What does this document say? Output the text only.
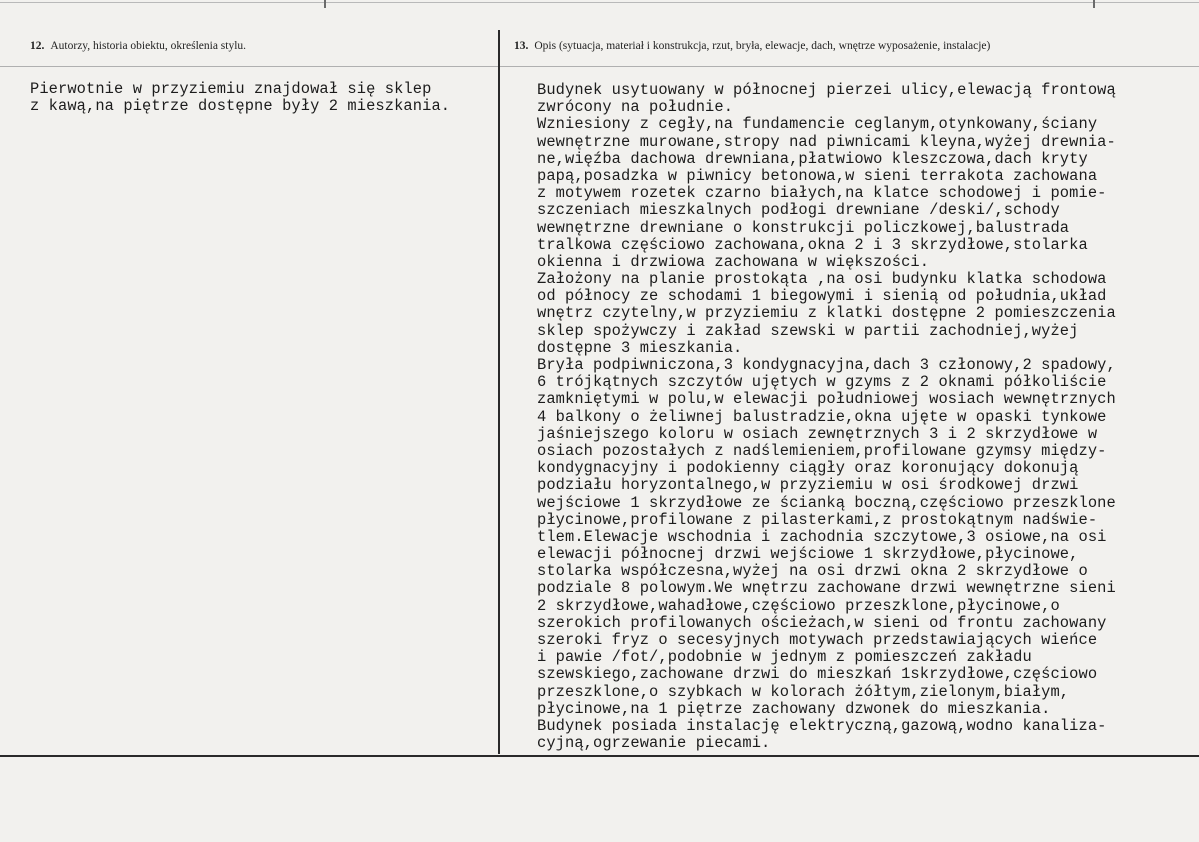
12. Autorzy, historia obiektu, określenia stylu.	13. Opis (sytuacja, materiał i konstrukcja, rzut, bryła, elewacje, dach, wnętrze wyposażenie, instalacje)
Pierwotnie w przyziemiu znajdował się sklep
z kawą,na piętrze dostępne były 2 mieszkania.
Budynek usytuowany w północnej pierzei ulicy,elewacją frontową
zwrócony na południe.
Wzniesiony z cegły,na fundamencie ceglanym,otynkowany,ściany
wewnętrzne murowane,stropy nad piwnicami kleyna,wyżej drewnia-
ne,więźba dachowa drewniana,płatwiowo kleszczowa,dach kryty
papą,posadzka w piwnicy betonowa,w sieni terrakota zachowana
z motywem rozetek czarno białych,na klatce schodowej i pomie-
szczeniach mieszkalnych podłogi drewniane /deski/,schody
wewnętrzne drewniane o konstrukcji policzkowej,balustrada
tralkowa częściowo zachowana,okna 2 i 3 skrzydłowe,stolarka
okienna i drzwiowa zachowana w większości.
Założony na planie prostokąta ,na osi budynku klatka schodowa
od północy ze schodami 1 biegowymi i sienią od południa,układ
wnętrz czytelny,w przyziemiu z klatki dostępne 2 pomieszczenia
sklep spożywczy i zakład szewski w partii zachodniej,wyżej
dostępne 3 mieszkania.
Bryła podpiwniczona,3 kondygnacyjna,dach 3 członowy,2 spadowy,
6 trójkątnych szczytów ujętych w gzyms z 2 oknami półkoliście
zamkniętymi w polu,w elewacji południowej wosiach wewnętrznych
4 balkony o żeliwnej balustradzie,okna ujęte w opaski tynkowe
jaśniejszego koloru w osiach zewnętrznych 3 i 2 skrzydłowe w
osiach pozostałych z nadślemieniem,profilowane gzymsy między-
kondygnacyjny i podokienny ciągły oraz koronujący dokonują
podziału horyzontalnego,w przyziemiu w osi środkowej drzwi
wejściowe 1 skrzydłowe ze ścianką boczną,częściowo przeszklone
płycinowe,profilowane z pilasterkami,z prostokątnym nadświe-
tlem.Elewacje wschodnia i zachodnia szczytowe,3 osiowe,na osi
elewacji północnej drzwi wejściowe 1 skrzydłowe,płycinowe,
stolarka współczesna,wyżej na osi drzwi okna 2 skrzydłowe o
podziale 8 polowym.We wnętrzu zachowane drzwi wewnętrzne sieni
2 skrzydłowe,wahadłowe,częściowo przeszklone,płycinowe,o
szerokich profilowanych ościeżach,w sieni od frontu zachowany
szeroki fryz o secesyjnych motywach przedstawiających wieńce
i pawie /fot/,podobnie w jednym z pomieszczeń zakładu
szewskiego,zachowane drzwi do mieszkań 1skrzydłowe,częściowo
przeszklone,o szybkach w kolorach żółtym,zielonym,białym,
płycinowe,na 1 piętrze zachowany dzwonek do mieszkania.
Budynek posiada instalację elektryczną,gazową,wodno kanaliza-
cyjną,ogrzewanie piecami.
